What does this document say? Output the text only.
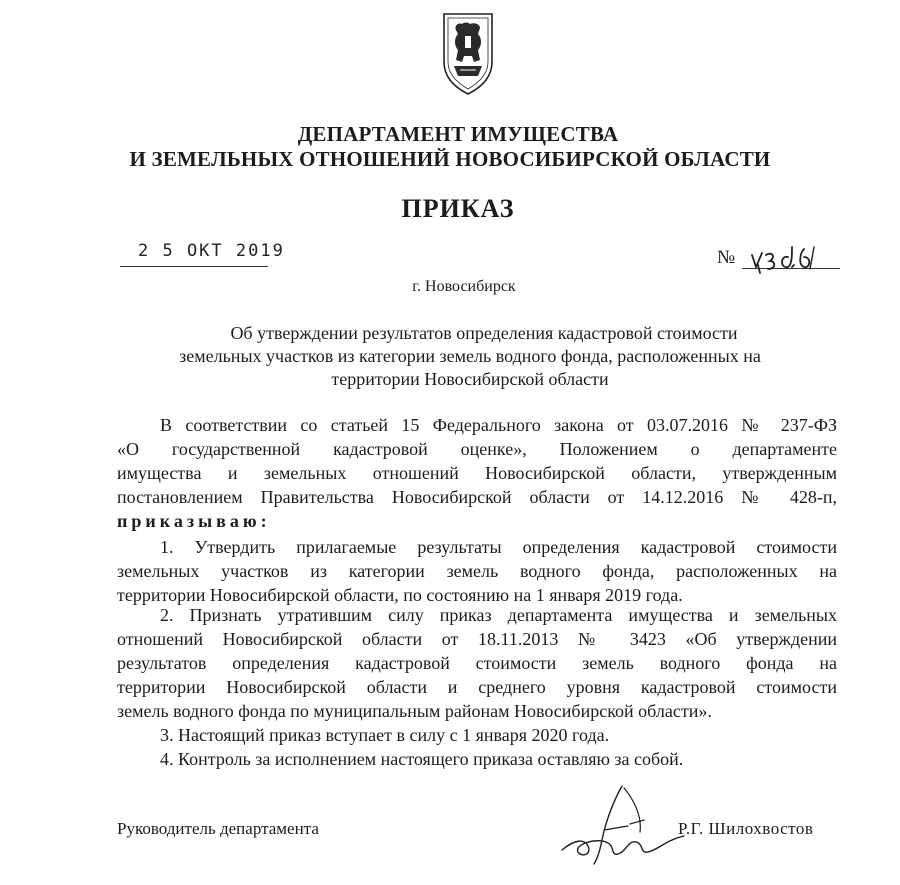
ДЕПАРТАМЕНТ ИМУЩЕСТВА
И ЗЕМЕЛЬНЫХ ОТНОШЕНИЙ НОВОСИБИРСКОЙ ОБЛАСТИ
ПРИКАЗ
2 5 ОКТ 2019	№
г. Новосибирск
Об утверждении результатов определения кадастровой стоимости
земельных участков из категории земель водного фонда, расположенных на
территории Новосибирской области
В соответствии со статьей 15 Федерального закона от 03.07.2016 № 237-ФЗ
«О государственной кадастровой оценке», Положением о департаменте
имущества и земельных отношений Новосибирской области, утвержденным
постановлением Правительства Новосибирской области от 14.12.2016 № 428-п,
приказываю:
1. Утвердить прилагаемые результаты определения кадастровой стоимости
земельных участков из категории земель водного фонда, расположенных на
территории Новосибирской области, по состоянию на 1 января 2019 года.
2. Признать утратившим силу приказ департамента имущества и земельных
отношений Новосибирской области от 18.11.2013 № 3423 «Об утверждении
результатов определения кадастровой стоимости земель водного фонда на
территории Новосибирской области и среднего уровня кадастровой стоимости
земель водного фонда по муниципальным районам Новосибирской области».
3. Настоящий приказ вступает в силу с 1 января 2020 года.
4. Контроль за исполнением настоящего приказа оставляю за собой.
Руководитель департамента	Р.Г. Шилохвостов
